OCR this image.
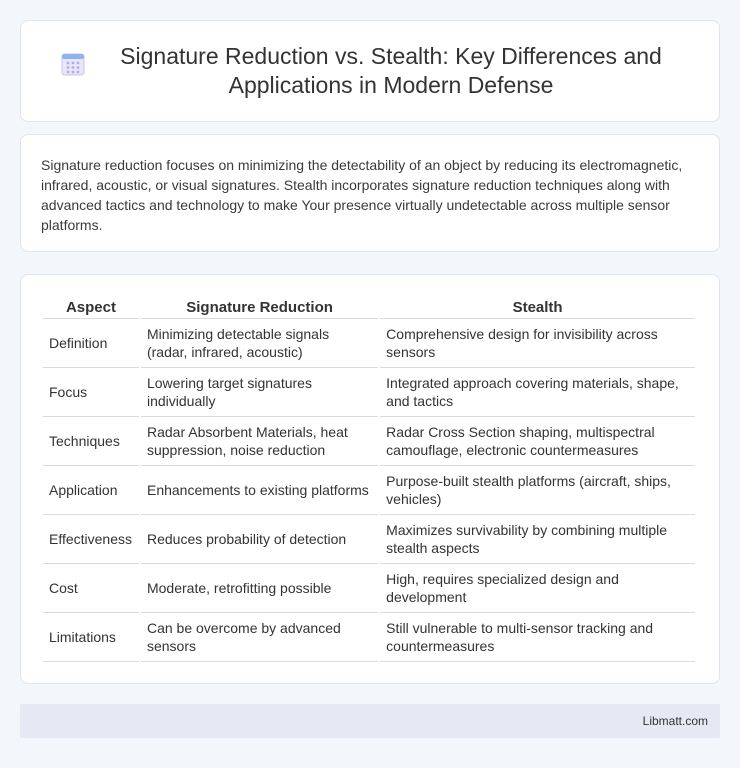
Signature Reduction vs. Stealth: Key Differences and Applications in Modern Defense

Signature reduction focuses on minimizing the detectability of an object by reducing its electromagnetic, infrared, acoustic, or visual signatures. Stealth incorporates signature reduction techniques along with advanced tactics and technology to make Your presence virtually undetectable across multiple sensor platforms.

Aspect	Signature Reduction	Stealth
Definition	Minimizing detectable signals (radar, infrared, acoustic)	Comprehensive design for invisibility across sensors
Focus	Lowering target signatures individually	Integrated approach covering materials, shape, and tactics
Techniques	Radar Absorbent Materials, heat suppression, noise reduction	Radar Cross Section shaping, multispectral camouflage, electronic countermeasures
Application	Enhancements to existing platforms	Purpose-built stealth platforms (aircraft, ships, vehicles)
Effectiveness	Reduces probability of detection	Maximizes survivability by combining multiple stealth aspects
Cost	Moderate, retrofitting possible	High, requires specialized design and development
Limitations	Can be overcome by advanced sensors	Still vulnerable to multi-sensor tracking and countermeasures
Libmatt.com
